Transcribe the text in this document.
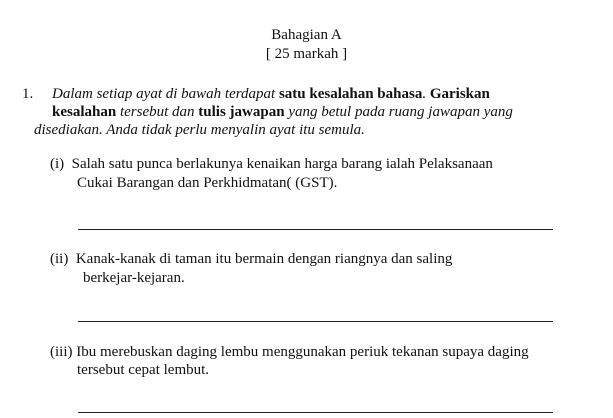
Bahagian A
[ 25 markah ]
1. Dalam setiap ayat di bawah terdapat satu kesalahan bahasa. Gariskan
kesalahan tersebut dan tulis jawapan yang betul pada ruang jawapan yang
disediakan. Anda tidak perlu menyalin ayat itu semula.
(i) Salah satu punca berlakunya kenaikan harga barang ialah Pelaksanaan
Cukai Barangan dan Perkhidmatan( (GST).
(ii) Kanak-kanak di taman itu bermain dengan riangnya dan saling
berkejar-kejaran.
(iii) Ibu merebuskan daging lembu menggunakan periuk tekanan supaya daging
tersebut cepat lembut.
